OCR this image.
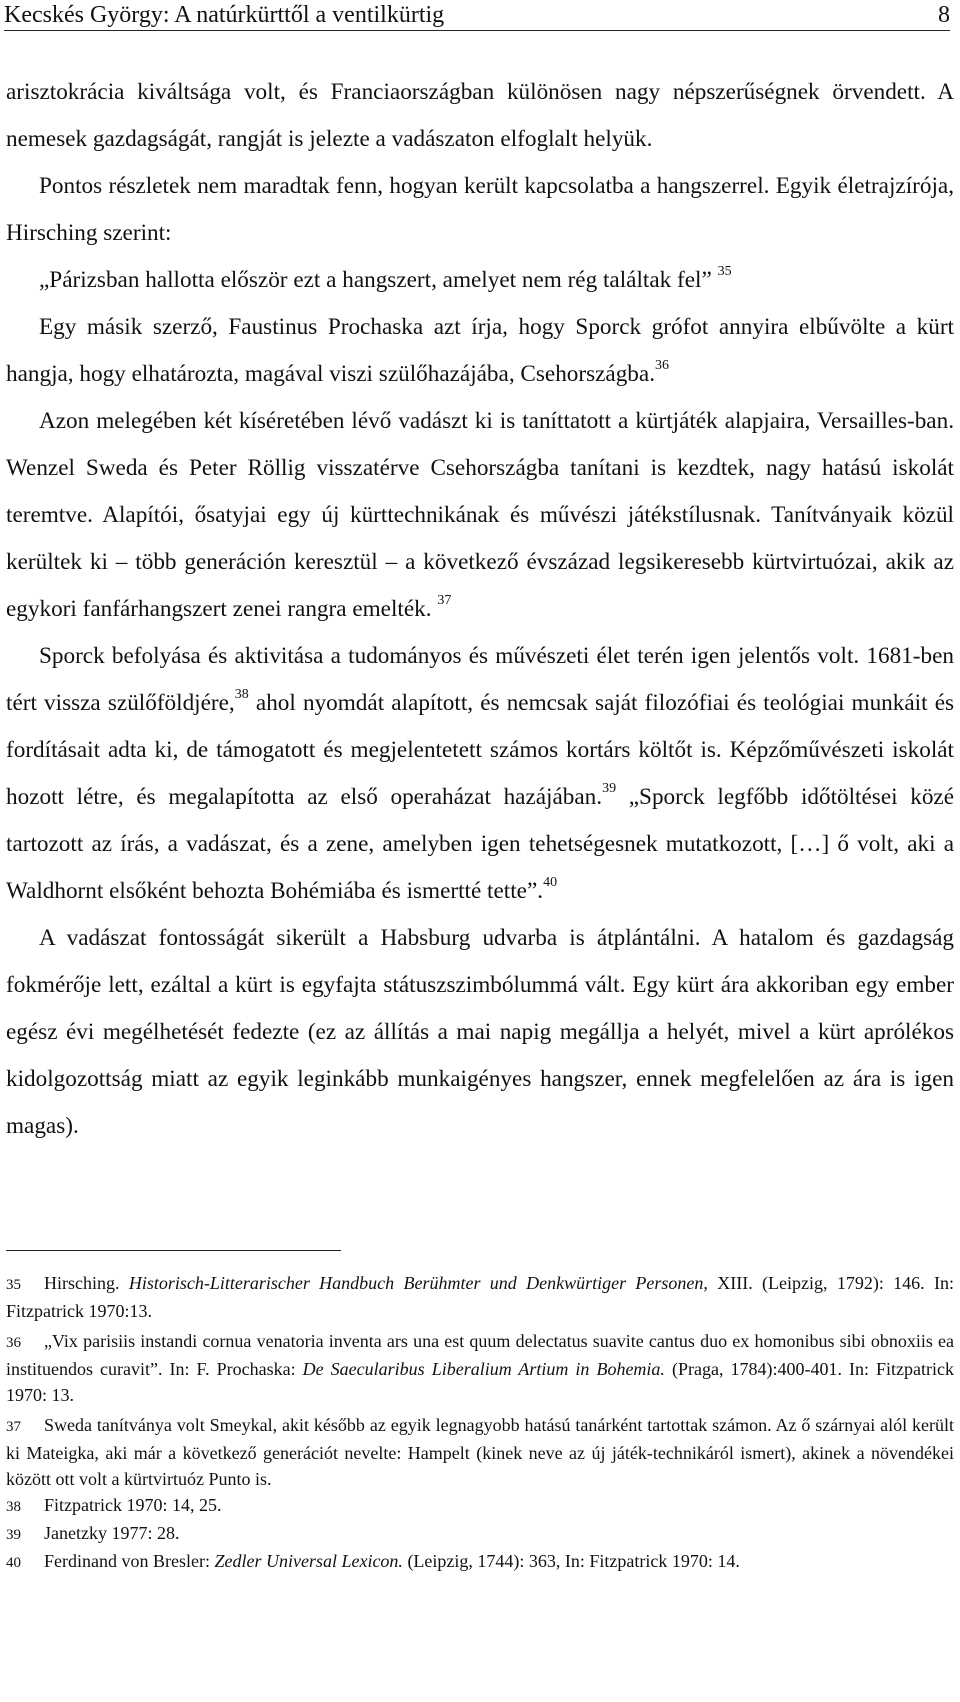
Kecskés György: A natúrkürttől a ventilkürtig	8

arisztokrácia kiváltsága volt, és Franciaországban különösen nagy népszerűségnek örvendett. A nemesek gazdagságát, rangját is jelezte a vadászaton elfoglalt helyük.

Pontos részletek nem maradtak fenn, hogyan került kapcsolatba a hangszerrel. Egyik életrajzírója, Hirsching szerint:

„Párizsban hallotta először ezt a hangszert, amelyet nem rég találtak fel” $^{35}$

Egy másik szerző, Faustinus Prochaska azt írja, hogy Sporck grófot annyira elbűvölte a kürt hangja, hogy elhatározta, magával viszi szülőhazájába, Csehországba.$^{36}$

Azon melegében két kíséretében lévő vadászt ki is taníttatott a kürtjáték alapjaira, Versailles-ban. Wenzel Sweda és Peter Röllig visszatérve Csehországba tanítani is kezdtek, nagy hatású iskolát teremtve. Alapítói, ősatyjai egy új kürttechnikának és művészi játékstílusnak. Tanítványaik közül kerültek ki – több generáción keresztül – a következő évszázad legsikeresebb kürtvirtuózai, akik az egykori fanfárhangszert zenei rangra emelték. $^{37}$

Sporck befolyása és aktivitása a tudományos és művészeti élet terén igen jelentős volt. 1681-ben tért vissza szülőföldjére,$^{38}$ ahol nyomdát alapított, és nemcsak saját filozófiai és teológiai munkáit és fordításait adta ki, de támogatott és megjelentetett számos kortárs költőt is. Képzőművészeti iskolát hozott létre, és megalapította az első operaházat hazájában.$^{39}$ „Sporck legfőbb időtöltései közé tartozott az írás, a vadászat, és a zene, amelyben igen tehetségesnek mutatkozott, […] ő volt, aki a Waldhornt elsőként behozta Bohémiába és ismertté tette”.$^{40}$

A vadászat fontosságát sikerült a Habsburg udvarba is átplántálni. A hatalom és gazdagság fokmérője lett, ezáltal a kürt is egyfajta státuszszimbólummá vált. Egy kürt ára akkoriban egy ember egész évi megélhetését fedezte (ez az állítás a mai napig megállja a helyét, mivel a kürt aprólékos kidolgozottság miatt az egyik leginkább munkaigényes hangszer, ennek megfelelően az ára is igen magas).

35 Hirsching. Historisch-Litterarischer Handbuch Berühmter und Denkwürtiger Personen, XIII. (Leipzig, 1792): 146. In: Fitzpatrick 1970:13.

36 „Vix parisiis instandi cornua venatoria inventa ars una est quum delectatus suavite cantus duo ex homonibus sibi obnoxiis ea instituendos curavit”. In: F. Prochaska: De Saecularibus Liberalium Artium in Bohemia. (Praga, 1784):400-401. In: Fitzpatrick 1970: 13.

37 Sweda tanítványa volt Smeykal, akit később az egyik legnagyobb hatású tanárként tartottak számon. Az ő szárnyai alól került ki Mateigka, aki már a következő generációt nevelte: Hampelt (kinek neve az új játék-technikáról ismert), akinek a növendékei között ott volt a kürtvirtuóz Punto is.

38 Fitzpatrick 1970: 14, 25.

39 Janetzky 1977: 28.

40 Ferdinand von Bresler: Zedler Universal Lexicon. (Leipzig, 1744): 363, In: Fitzpatrick 1970: 14.
